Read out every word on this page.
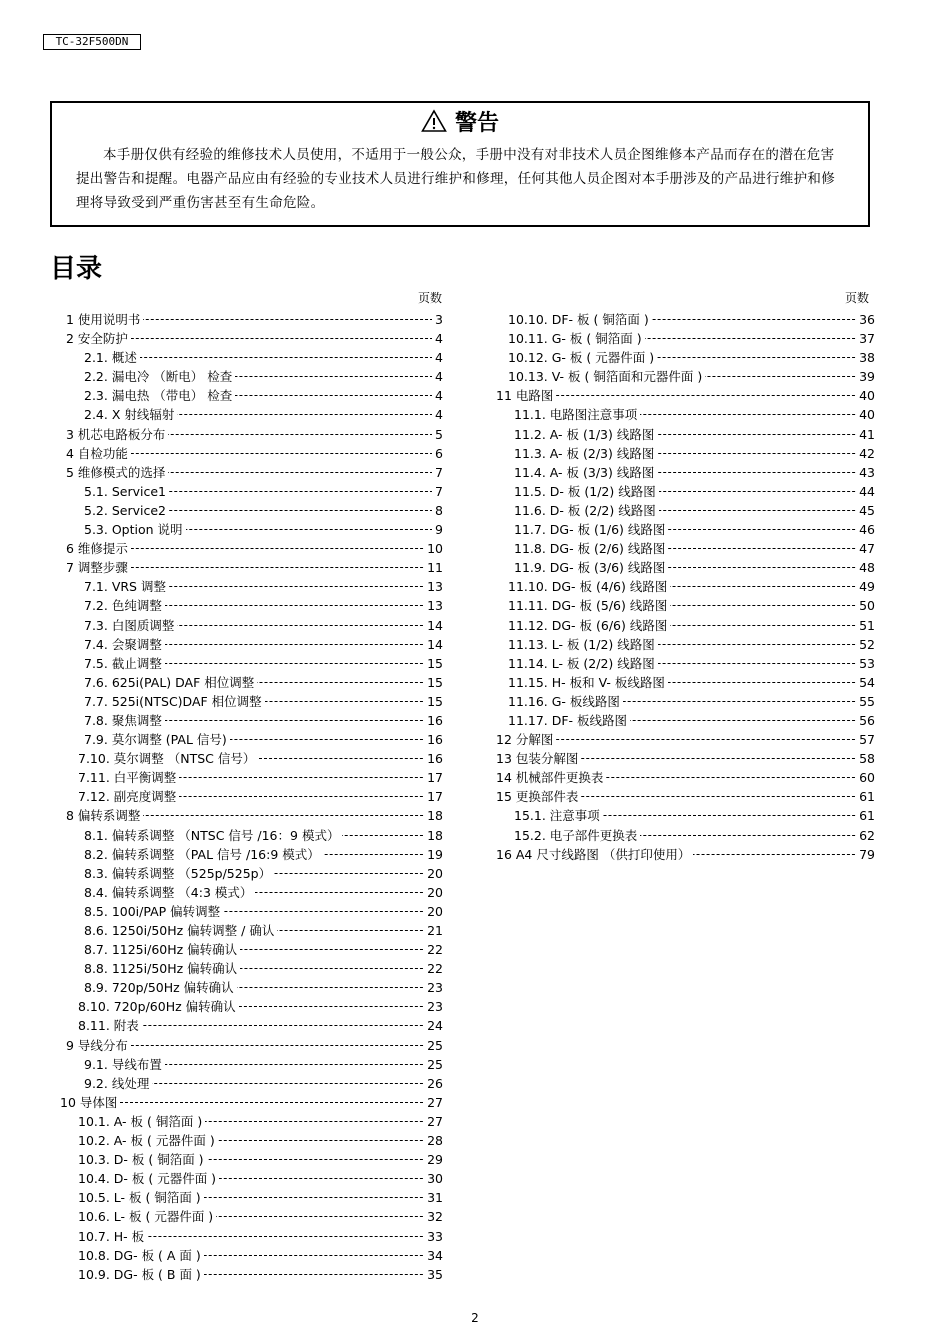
TC-32F500DN
警告
本手册仅供有经验的维修技术人员使用，不适用于一般公众，手册中没有对非技术人员企图维修本产品而存在的潜在危害提出警告和提醒。电器产品应由有经验的专业技术人员进行维护和修理，任何其他人员企图对本手册涉及的产品进行维护和修理将导致受到严重伤害甚至有生命危险。
目录
页数	页数
1 使用说明书	3
2 安全防护	4
2.1. 概述	4
2.2. 漏电冷 （断电） 检查	4
2.3. 漏电热 （带电） 检查	4
2.4. X 射线辐射	4
3 机芯电路板分布	5
4 自检功能	6
5 维修模式的选择	7
5.1. Service1	7
5.2. Service2	8
5.3. Option 说明	9
6 维修提示	10
7 调整步骤	11
7.1. VRS 调整	13
7.2. 色纯调整	13
7.3. 白图质调整	14
7.4. 会聚调整	14
7.5. 截止调整	15
7.6. 625i(PAL) DAF 相位调整	15
7.7. 525i(NTSC)DAF 相位调整	15
7.8. 聚焦调整	16
7.9. 莫尔调整 (PAL 信号)	16
7.10. 莫尔调整 （NTSC 信号）	16
7.11. 白平衡调整	17
7.12. 副亮度调整	17
8 偏转系调整	18
8.1. 偏转系调整 （NTSC 信号 /16：9 模式）	18
8.2. 偏转系调整 （PAL 信号 /16:9 模式）	19
8.3. 偏转系调整 （525p/525p）	20
8.4. 偏转系调整 （4:3 模式）	20
8.5. 100i/PAP 偏转调整	20
8.6. 1250i/50Hz 偏转调整 / 确认	21
8.7. 1125i/60Hz 偏转确认	22
8.8. 1125i/50Hz 偏转确认	22
8.9. 720p/50Hz 偏转确认	23
8.10. 720p/60Hz 偏转确认	23
8.11. 附表	24
9 导线分布	25
9.1. 导线布置	25
9.2. 线处理	26
10 导体图	27
10.1. A- 板 ( 铜箔面 )	27
10.2. A- 板 ( 元器件面 )	28
10.3. D- 板 ( 铜箔面 )	29
10.4. D- 板 ( 元器件面 )	30
10.5. L- 板 ( 铜箔面 )	31
10.6. L- 板 ( 元器件面 )	32
10.7. H- 板	33
10.8. DG- 板 ( A 面 )	34
10.9. DG- 板 ( B 面 )	35
10.10. DF- 板 ( 铜箔面 )	36
10.11. G- 板 ( 铜箔面 )	37
10.12. G- 板 ( 元器件面 )	38
10.13. V- 板 ( 铜箔面和元器件面 )	39
11 电路图	40
11.1. 电路图注意事项	40
11.2. A- 板 (1/3) 线路图	41
11.3. A- 板 (2/3) 线路图	42
11.4. A- 板 (3/3) 线路图	43
11.5. D- 板 (1/2) 线路图	44
11.6. D- 板 (2/2) 线路图	45
11.7. DG- 板 (1/6) 线路图	46
11.8. DG- 板 (2/6) 线路图	47
11.9. DG- 板 (3/6) 线路图	48
11.10. DG- 板 (4/6) 线路图	49
11.11. DG- 板 (5/6) 线路图	50
11.12. DG- 板 (6/6) 线路图	51
11.13. L- 板 (1/2) 线路图	52
11.14. L- 板 (2/2) 线路图	53
11.15. H- 板和 V- 板线路图	54
11.16. G- 板线路图	55
11.17. DF- 板线路图	56
12 分解图	57
13 包装分解图	58
14 机械部件更换表	60
15 更换部件表	61
15.1. 注意事项	61
15.2. 电子部件更换表	62
16 A4 尺寸线路图 （供打印使用）	79
2
